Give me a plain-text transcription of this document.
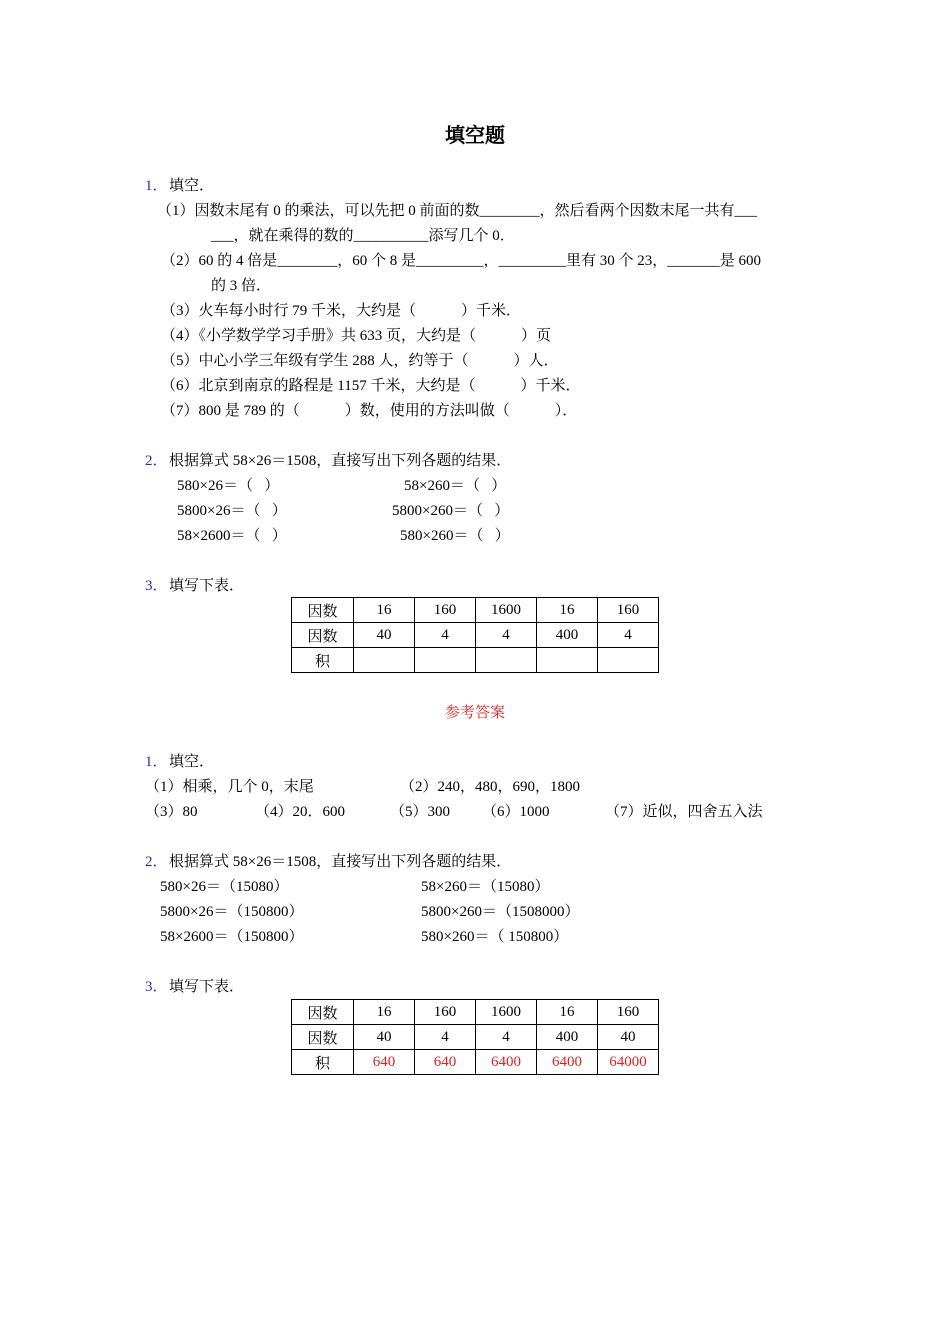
填空题
1． 填空．
（1）因数末尾有 0 的乘法，可以先把 0 前面的数________，然后看两个因数末尾一共有___
___，就在乘得的数的__________添写几个 0．
（2）60 的 4 倍是________，60 个 8 是_________，_________里有 30 个 23，_______是 600
的 3 倍．
（3）火车每小时行 79 千米，大约是（            ）千米．
（4）《小学数学学习手册》共 633 页，大约是（            ）页
（5）中心小学三年级有学生 288 人，约等于（            ）人．
（6）北京到南京的路程是 1157 千米，大约是（            ）千米．
（7）800 是 789 的（            ）数，使用的方法叫做（            ）．
2． 根据算式 58×26＝1508，直接写出下列各题的结果．
580×26＝（   ）	58×260＝（   ）
5800×26＝（   ）	5800×260＝（   ）
58×2600＝（   ）	580×260＝（   ）
3． 填写下表．
因数	16	160	1600	16	160
因数	40	4	4	400	4
积					
参考答案
1． 填空．
（1）相乘，几个 0，末尾	（2）240，480，690，1800
（3）80	（4）20．600	（5）300 （6）1000	（7）近似，四舍五入法
2． 根据算式 58×26＝1508，直接写出下列各题的结果．
580×26＝（15080）	58×260＝（15080）
5800×26＝（150800）	5800×260＝（1508000）
58×2600＝（150800）	580×260＝（ 150800）
3． 填写下表．
因数	16	160	1600	16	160
因数	40	4	4	400	40
积	640	640	6400	6400	64000
